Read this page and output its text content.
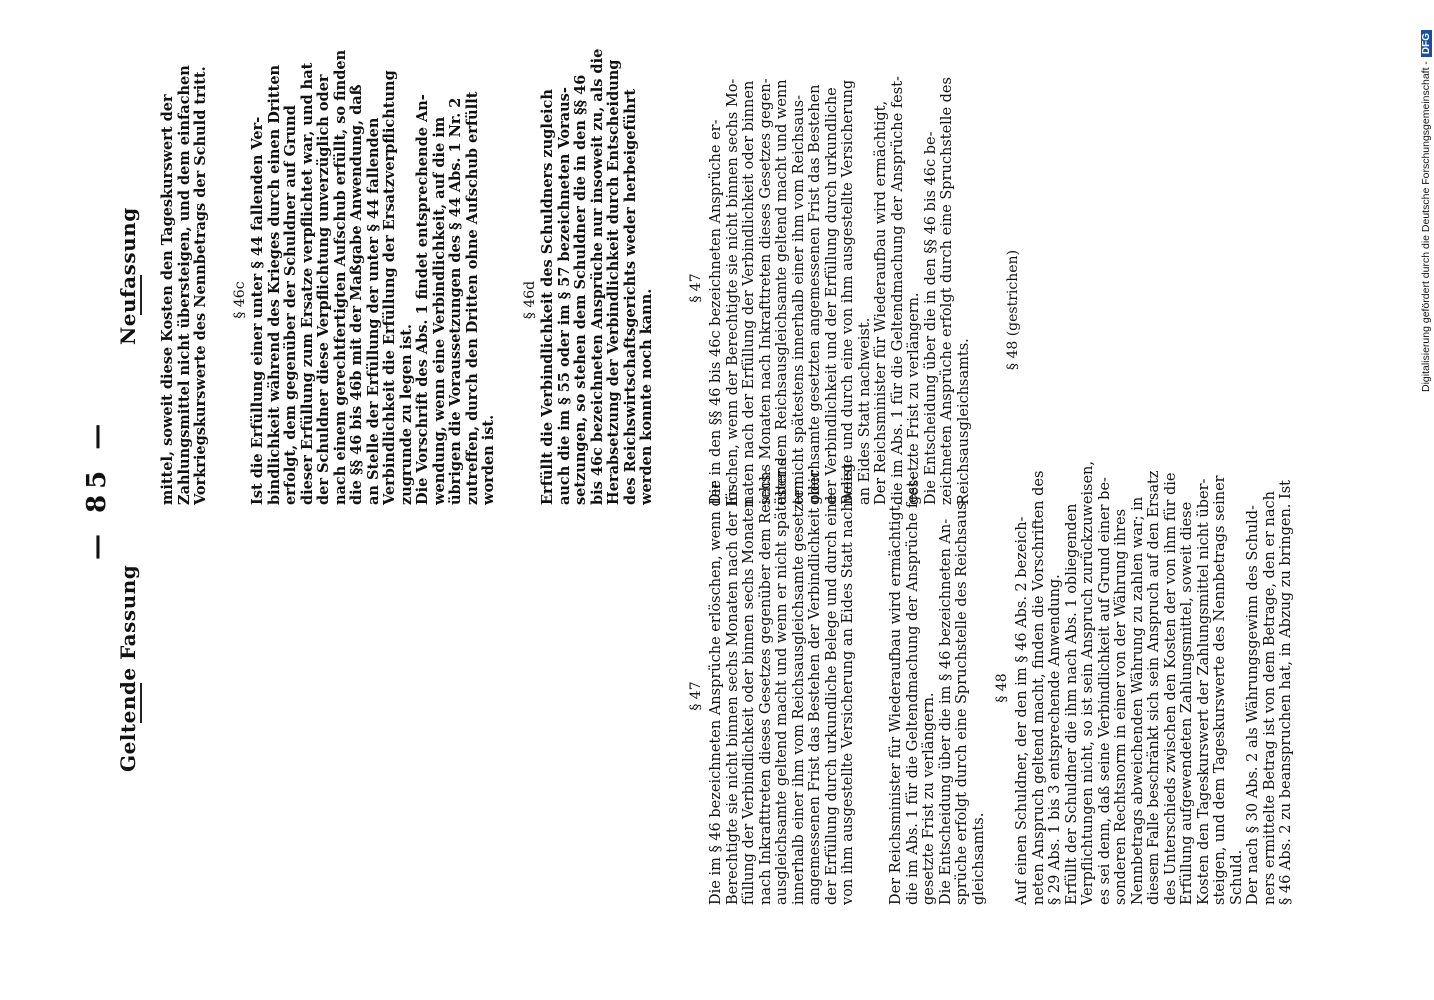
— 85 —
Geltende Fassung
Neufassung mittel, soweit diese Kosten den Tageskurswert der Zahlungsmittel nicht übersteigen, und dem einfachen Vorkriegskurswerte des Nennbetrags der Schuld tritt. § 46c Ist die Erfüllung einer unter § 44 fallenden Ver- bindlichkeit während des Krieges durch einen Dritten erfolgt, dem gegenüber der Schuldner auf Grund dieser Erfüllung zum Ersatze verpflichtet war, und hat der Schuldner diese Verpflichtung unverzüglich oder nach einem gerechtfertigten Aufschub erfüllt, so finden die §§ 46 bis 46b mit der Maßgabe Anwendung, daß an Stelle der Erfüllung der unter § 44 fallenden Verbindlichkeit die Erfüllung der Ersatzverpflichtung zugrunde zu legen ist. Die Vorschrift des Abs. 1 findet entsprechende An- wendung, wenn eine Verbindlichkeit, auf die im übrigen die Voraussetzungen des § 44 Abs. 1 Nr. 2 zutreffen, durch den Dritten ohne Aufschub erfüllt worden ist.
§ 46d Erfüllt die Verbindlichkeit des Schuldners zugleich auch die im § 55 oder im § 57 bezeichneten Voraus- setzungen, so stehen dem Schuldner die in den §§ 46 bis 46c bezeichneten Ansprüche nur insoweit zu, als die Herabsetzung der Verbindlichkeit durch Entscheidung des Reichswirtschaftsgerichts weder herbeigeführt werden konnte noch kann.
§ 47 Die in den §§ 46 bis 46c bezeichneten Ansprüche er- löschen, wenn der Berechtigte sie nicht binnen sechs Mo- naten nach der Erfüllung der Verbindlichkeit oder binnen sechs Monaten nach Inkrafttreten dieses Gesetzes gegen- über dem Reichsausgleichsamte geltend macht und wenn er nicht spätestens innerhalb einer ihm vom Reichsaus- gleichsamte gesetzten angemessenen Frist das Bestehen der Verbindlichkeit und der Erfüllung durch urkundliche Belege und durch eine von ihm ausgestellte Versicherung an Eides Statt nachweist. Der Reichsminister für Wiederaufbau wird ermächtigt, die im Abs. 1 für die Geltendmachung der Ansprüche fest- gesetzte Frist zu verlängern. Die Entscheidung über die in den §§ 46 bis 46c be- zeichneten Ansprüche erfolgt durch eine Spruchstelle des Reichsausgleichsamts.
§ 48 (gestrichen)
§ 47 Die im § 46 bezeichneten Ansprüche erlöschen, wenn der Berechtigte sie nicht binnen sechs Monaten nach der Er- füllung der Verbindlichkeit oder binnen sechs Monaten nach Inkrafttreten dieses Gesetzes gegenüber dem Reichs- ausgleichsamte geltend macht und wenn er nicht spätestens innerhalb einer ihm vom Reichsausgleichsamte gesetzten angemessenen Frist das Bestehen der Verbindlichkeit oder der Erfüllung durch urkundliche Belege und durch eine von ihm ausgestellte Versicherung an Eides Statt nachweist. Der Reichsminister für Wiederaufbau wird ermächtigt, die im Abs. 1 für die Geltendmachung der Ansprüche fest- gesetzte Frist zu verlängern. Die Entscheidung über die im § 46 bezeichneten An- sprüche erfolgt durch eine Spruchstelle des Reichsaus- gleichsamts.
§ 48 Auf einen Schuldner, der den im § 46 Abs. 2 bezeich- neten Anspruch geltend macht, finden die Vorschriften des § 29 Abs. 1 bis 3 entsprechende Anwendung. Erfüllt der Schuldner die ihm nach Abs. 1 obliegenden Verpflichtungen nicht, so ist sein Anspruch zurückzuweisen, es sei denn, daß seine Verbindlichkeit auf Grund einer be- sonderen Rechtsnorm in einer von der Währung ihres Nennbetrags abweichenden Währung zu zahlen war; in diesem Falle beschränkt sich sein Anspruch auf den Ersatz des Unterschieds zwischen den Kosten der von ihm für die Erfüllung aufgewendeten Zahlungsmittel, soweit diese Kosten den Tageskurswert der Zahlungsmittel nicht über- steigen, und dem Tageskurswerte des Nennbetrags seiner Schuld. Der nach § 30 Abs. 2 als Währungsgewinn des Schuld- ners ermittelte Betrag ist von dem Betrage, den er nach § 46 Abs. 2 zu beanspruchen hat, in Abzug zu bringen. Ist
Digitalisierung gefördert durch die Deutsche Forschungsgemeinschaft -DFG
